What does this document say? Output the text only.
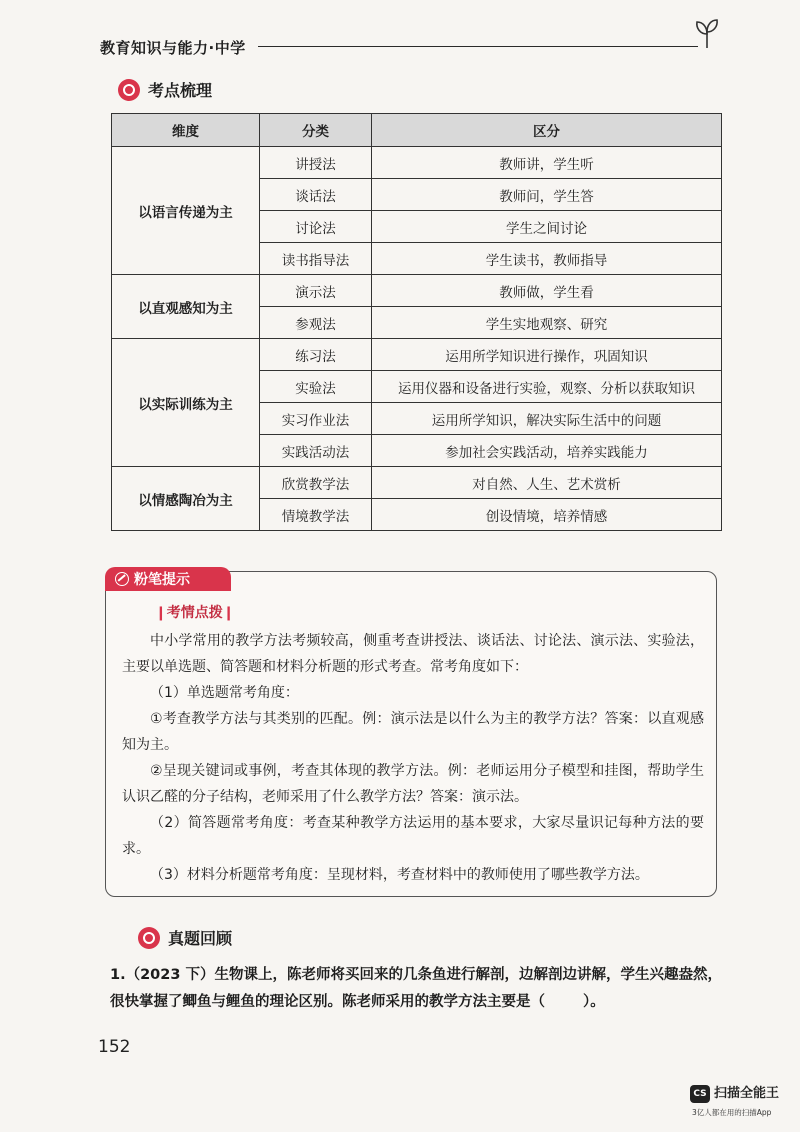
教育知识与能力·中学
考点梳理
维度	分类	区分
以语言传递为主	讲授法	教师讲，学生听
	谈话法	教师问，学生答
	讨论法	学生之间讨论
	读书指导法	学生读书，教师指导
以直观感知为主	演示法	教师做，学生看
	参观法	学生实地观察、研究
以实际训练为主	练习法	运用所学知识进行操作，巩固知识
	实验法	运用仪器和设备进行实验，观察、分析以获取知识
	实习作业法	运用所学知识，解决实际生活中的问题
	实践活动法	参加社会实践活动，培养实践能力
以情感陶冶为主	欣赏教学法	对自然、人生、艺术赏析
	情境教学法	创设情境，培养情感
粉笔提示
❙考情点拨❙

中小学常用的教学方法考频较高，侧重考查讲授法、谈话法、讨论法、演示法、实验法，主要以单选题、简答题和材料分析题的形式考查。常考角度如下：

（1）单选题常考角度：

①考查教学方法与其类别的匹配。例：演示法是以什么为主的教学方法？答案：以直观感知为主。

②呈现关键词或事例，考查其体现的教学方法。例：老师运用分子模型和挂图，帮助学生认识乙醛的分子结构，老师采用了什么教学方法？答案：演示法。

（2）简答题常考角度：考查某种教学方法运用的基本要求，大家尽量识记每种方法的要求。

（3）材料分析题常考角度：呈现材料，考查材料中的教师使用了哪些教学方法。

真题回顾

1.（2023 下）生物课上，陈老师将买回来的几条鱼进行解剖，边解剖边讲解，学生兴趣盎然，很快掌握了鲫鱼与鲤鱼的理论区别。陈老师采用的教学方法主要是（	）。

152
CS 扫描全能王
3亿人都在用的扫描App
